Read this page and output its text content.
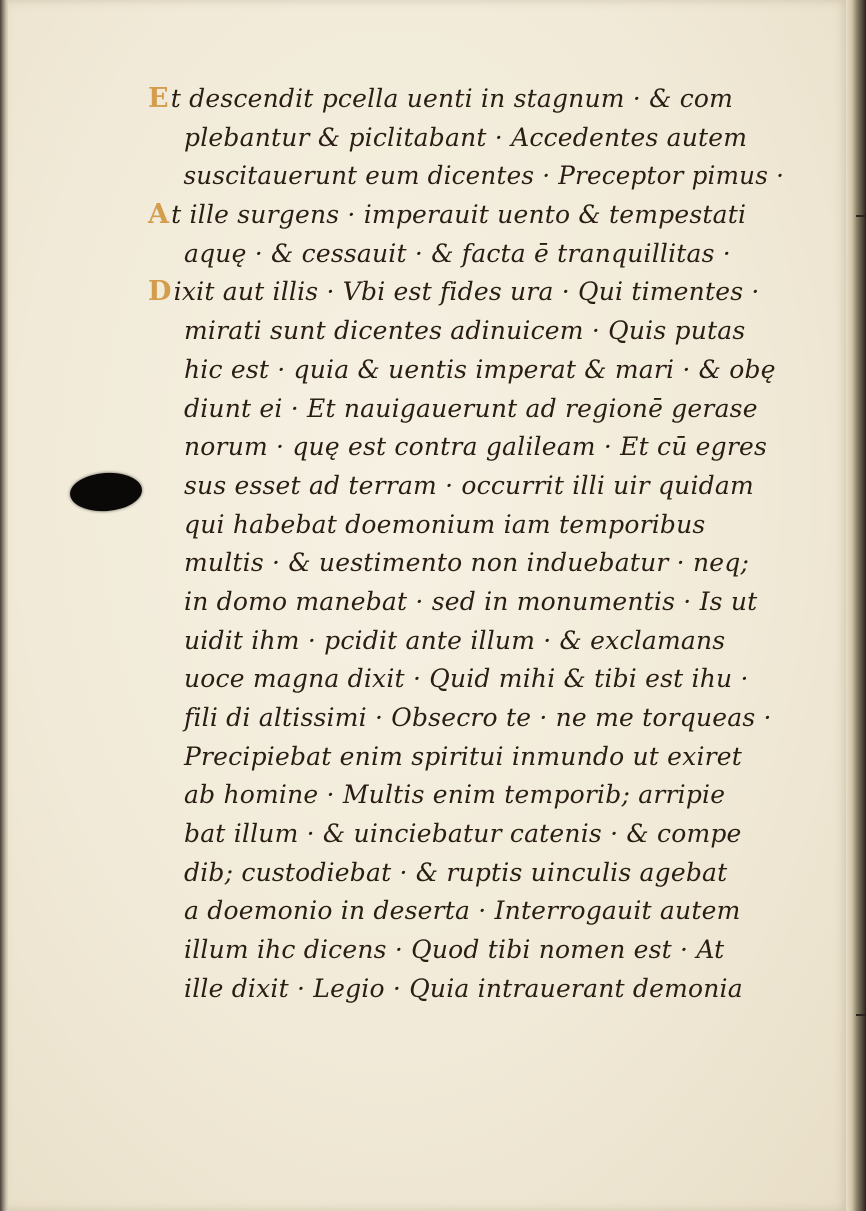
Et descendit pcella uenti in stagnum · & com
plebantur & piclitabant · Accedentes autem
suscitauerunt eum dicentes · Preceptor pimus ·
At ille surgens · imperauit uento & tempestati
aquę · & cessauit · & facta ē tranquillitas ·
Dixit aut illis · Vbi est fides ura · Qui timentes ·
mirati sunt dicentes adinuicem · Quis putas
hic est · quia & uentis imperat & mari · & obę
diunt ei · Et nauigauerunt ad regionē gerase
norum · quę est contra galileam · Et cū egres
sus esset ad terram · occurrit illi uir quidam
qui habebat doemonium iam temporibus
multis · & uestimento non induebatur · neq;
in domo manebat · sed in monumentis · Is ut
uidit ihm · pcidit ante illum · & exclamans
uoce magna dixit · Quid mihi & tibi est ihu ·
fili di altissimi · Obsecro te · ne me torqueas ·
Precipiebat enim spiritui inmundo ut exiret
ab homine · Multis enim temporib; arripie
bat illum · & uinciebatur catenis · & compe
dib; custodiebat · & ruptis uinculis agebat
a doemonio in deserta · Interrogauit autem
illum ihc dicens · Quod tibi nomen est · At
ille dixit · Legio · Quia intrauerant demonia
